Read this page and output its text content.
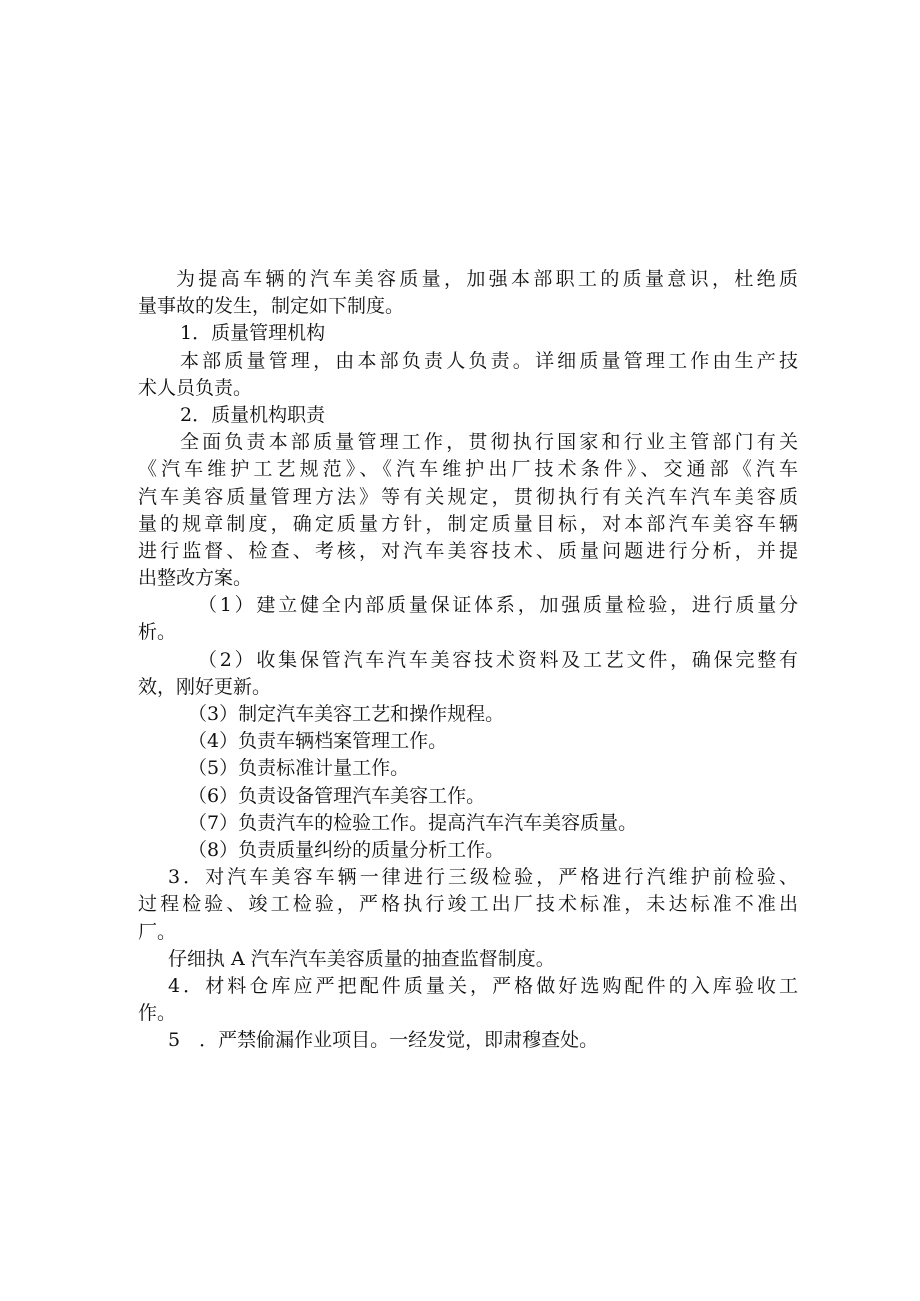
为提高车辆的汽车美容质量，加强本部职工的质量意识，杜绝质
量事故的发生，制定如下制度。
1．质量管理机构
本部质量管理，由本部负责人负责。详细质量管理工作由生产技
术人员负责。
2．质量机构职责
全面负责本部质量管理工作，贯彻执行国家和行业主管部门有关
《汽车维护工艺规范》、《汽车维护出厂技术条件》、交通部《汽车
汽车美容质量管理方法》等有关规定，贯彻执行有关汽车汽车美容质
量的规章制度，确定质量方针，制定质量目标，对本部汽车美容车辆
进行监督、检查、考核，对汽车美容技术、质量问题进行分析，并提
出整改方案。
（1）建立健全内部质量保证体系，加强质量检验，进行质量分
析。
（2）收集保管汽车汽车美容技术资料及工艺文件，确保完整有
效，刚好更新。
（3）制定汽车美容工艺和操作规程。
（4）负责车辆档案管理工作。
（5）负责标准计量工作。
（6）负责设备管理汽车美容工作。
（7）负责汽车的检验工作。提高汽车汽车美容质量。
（8）负责质量纠纷的质量分析工作。
3．对汽车美容车辆一律进行三级检验，严格进行汽维护前检验、
过程检验、竣工检验，严格执行竣工出厂技术标准，未达标准不准出
厂。
仔细执 A 汽车汽车美容质量的抽查监督制度。
4．材料仓库应严把配件质量关，严格做好选购配件的入库验收工
作。
5　．严禁偷漏作业项目。一经发觉，即肃穆查处。
